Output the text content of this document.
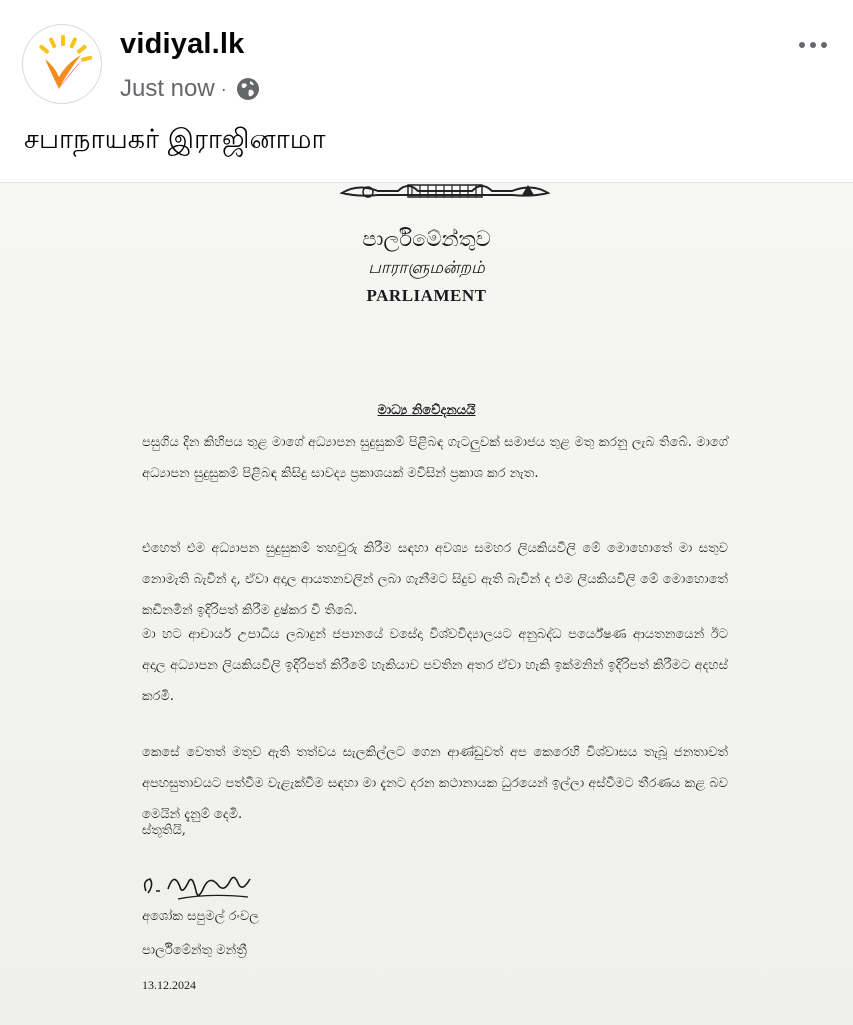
vidiyal.lk
Just now ·
சபாநாயகர் இராஜினாமா
පාර්ලිමේන්තුව
பாராளுமன்றம்
PARLIAMENT
මාධ්‍ය නිවේදනයයි
පසුගිය දින කිහිපය තුළ මාගේ අධ්‍යාපන සුදුසුකම් පිළිබඳ ගැටලුවක් සමාජය තුළ මතු කරනු ලැබ තිබේ. මාගේ අධ්‍යාපන සුදුසුකම් පිළිබඳ කිසිදු සාවද්‍ය ප්‍රකාශයක් මවිසින් ප්‍රකාශ කර නැත.
එහෙත් එම අධ්‍යාපන සුදුසුකම් තහවුරු කිරීම සඳහා අවශ්‍ය සමහර ලියකියවිලි මේ මොහොතේ මා සතුව නොමැති බැවින් ද, ඒවා අදාල ආයතනවලින් ලබා ගැනීමට සිදුව ඇති බැවින් ද එම ලියකියවිලි මේ මොහොතේ කඩිනමින් ඉදිරිපත් කිරීම දුෂ්කර වී තිබේ.
මා හට ආචාර්ය උපාධිය ලබාදුන් ජපානයේ වසේදා විශ්වවිද්‍යාලයට අනුබද්ධ පර්යේෂණ ආයතනයෙන් ඊට අදාල අධ්‍යාපන ලියකියවිලි ඉදිරිපත් කිරීමේ හැකියාව පවතින අතර ඒවා හැකි ඉක්මනින් ඉදිරිපත් කිරීමට අදහස් කරමි.
කෙසේ වෙතත් මතුව ඇති තත්වය සැලකිල්ලට ගෙන ආණ්ඩුවත් අප කෙරෙහි විශ්වාසය තැබූ ජනතාවත් අපහසුතාවයට පත්වීම වැළැක්වීම සඳහා මා දැනට දරන කථානායක ධුරයෙන් ඉල්ලා අස්වීමට තීරණය කළ බව මෙයින් දැනුම් දෙමි.
ස්තූතියි,
අශෝක සපුමල් රංවල
පාර්ලිමේන්තු මන්ත්‍රී
13.12.2024
